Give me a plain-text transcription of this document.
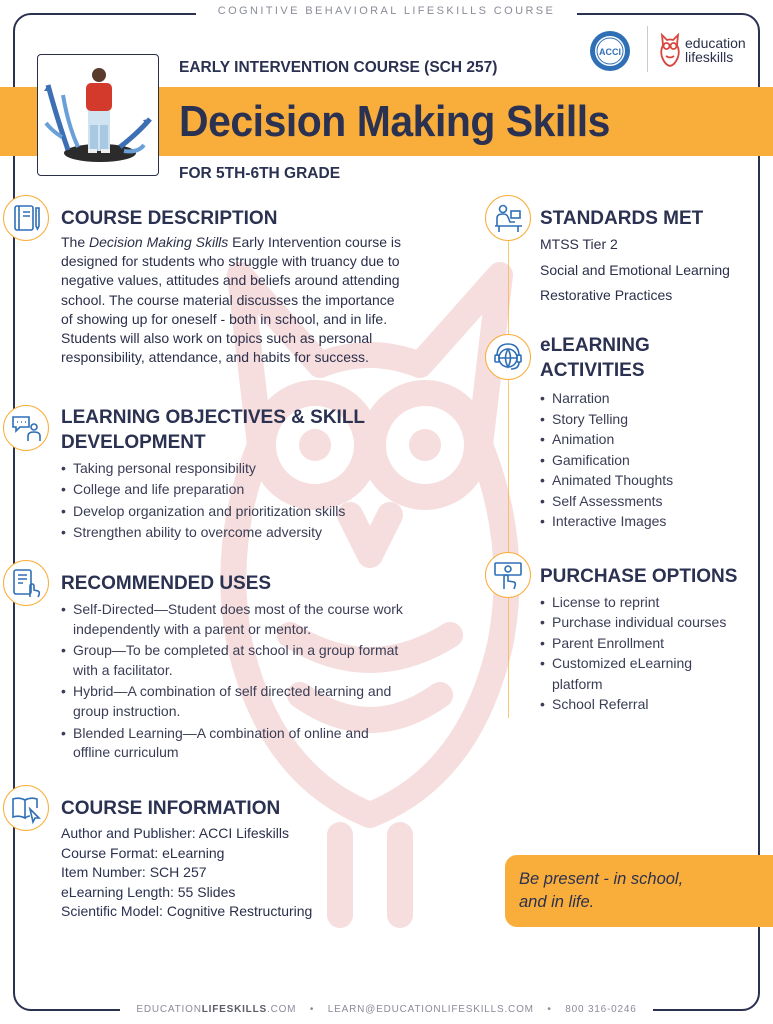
COGNITIVE BEHAVIORAL LIFESKILLS COURSE
EARLY INTERVENTION COURSE (SCH 257)
Decision Making Skills
FOR 5TH-6TH GRADE
ACCI
education
lifeskills
COURSE DESCRIPTION
The Decision Making Skills Early Intervention course is
designed for students who struggle with truancy due to
negative values, attitudes and beliefs around attending
school. The course material discusses the importance
of showing up for oneself - both in school, and in life.
Students will also work on topics such as personal
responsibility, attendance, and habits for success.
LEARNING OBJECTIVES & SKILL
DEVELOPMENT
• Taking personal responsibility
• College and life preparation
• Develop organization and prioritization skills
• Strengthen ability to overcome adversity
RECOMMENDED USES
• Self-Directed—Student does most of the course work
independently with a parent or mentor.
• Group—To be completed at school in a group format
with a facilitator.
• Hybrid—A combination of self directed learning and
group instruction.
• Blended Learning—A combination of online and
offline curriculum
COURSE INFORMATION
Author and Publisher: ACCI Lifeskills
Course Format: eLearning
Item Number: SCH 257
eLearning Length: 55 Slides
Scientific Model: Cognitive Restructuring
STANDARDS MET
MTSS Tier 2
Social and Emotional Learning
Restorative Practices
eLEARNING
ACTIVITIES
• Narration
• Story Telling
• Animation
• Gamification
• Animated Thoughts
• Self Assessments
• Interactive Images
PURCHASE OPTIONS
• License to reprint
• Purchase individual courses
• Parent Enrollment
• Customized eLearning
platform
• School Referral
Be present - in school,
and in life.
EDUCATIONLIFESKILLS.COM • LEARN@EDUCATIONLIFESKILLS.COM • 800 316-0246
